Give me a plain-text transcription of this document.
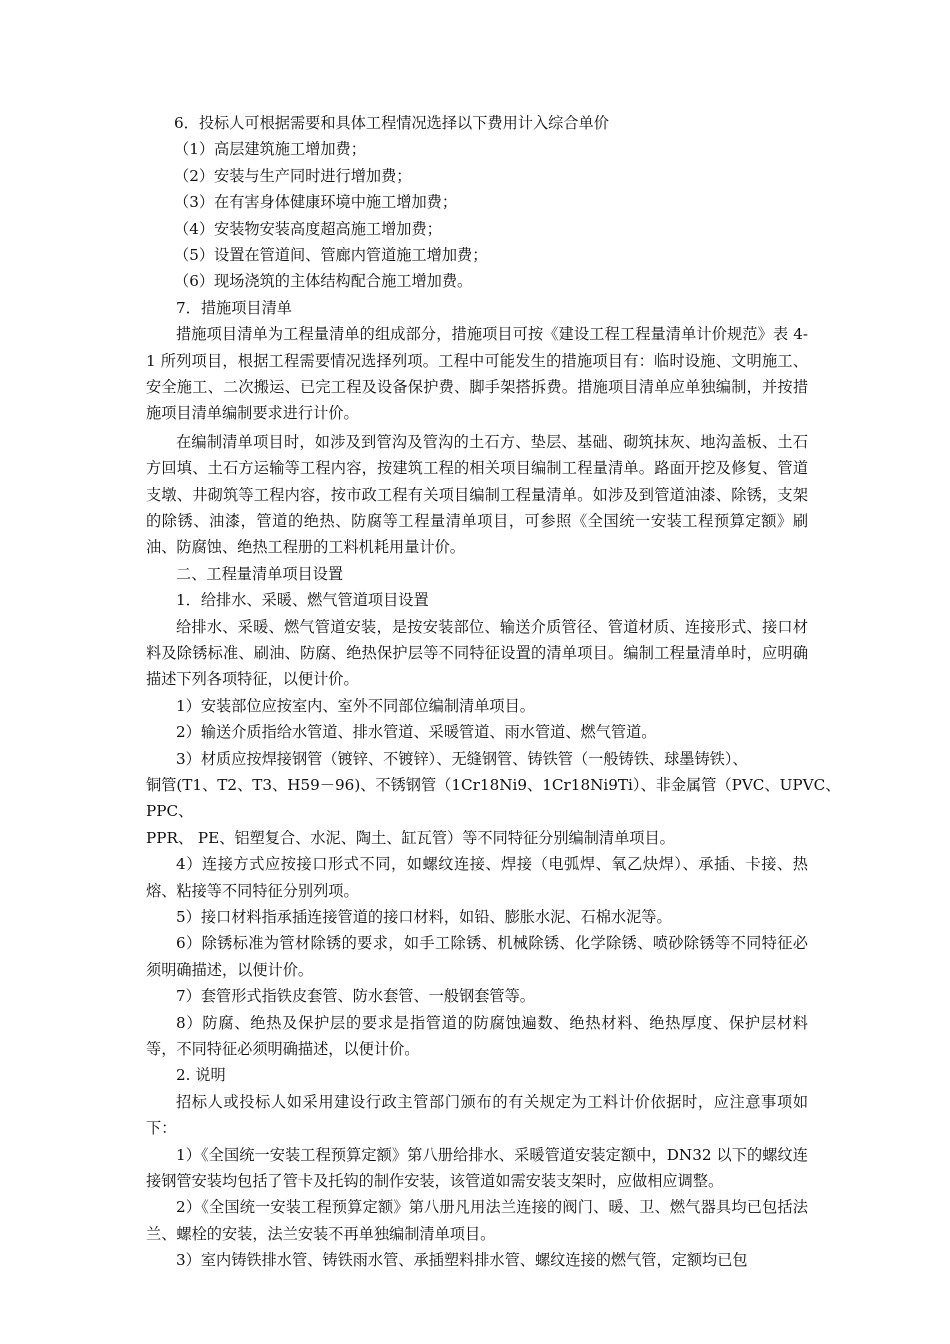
6．投标人可根据需要和具体工程情况选择以下费用计入综合单价
（1）高层建筑施工增加费；
（2）安装与生产同时进行增加费；
（3）在有害身体健康环境中施工增加费；
（4）安装物安装高度超高施工增加费；
（5）设置在管道间、管廊内管道施工增加费；
（6）现场浇筑的主体结构配合施工增加费。
7．措施项目清单
措施项目清单为工程量清单的组成部分，措施项目可按《建设工程工程量清单计价规范》表 4-1 所列项目，根据工程需要情况选择列项。工程中可能发生的措施项目有：临时设施、文明施工、安全施工、二次搬运、已完工程及设备保护费、脚手架搭拆费。措施项目清单应单独编制，并按措施项目清单编制要求进行计价。
在编制清单项目时，如涉及到管沟及管沟的土石方、垫层、基础、砌筑抹灰、地沟盖板、土石方回填、土石方运输等工程内容，按建筑工程的相关项目编制工程量清单。路面开挖及修复、管道支墩、井砌筑等工程内容，按市政工程有关项目编制工程量清单。如涉及到管道油漆、除锈，支架的除锈、油漆，管道的绝热、防腐等工程量清单项目，可参照《全国统一安装工程预算定额》刷油、防腐蚀、绝热工程册的工料机耗用量计价。
二、工程量清单项目设置
1．给排水、采暖、燃气管道项目设置
给排水、采暖、燃气管道安装，是按安装部位、输送介质管径、管道材质、连接形式、接口材料及除锈标准、刷油、防腐、绝热保护层等不同特征设置的清单项目。编制工程量清单时，应明确描述下列各项特征，以便计价。
1）安装部位应按室内、室外不同部位编制清单项目。
2）输送介质指给水管道、排水管道、采暖管道、雨水管道、燃气管道。
3）材质应按焊接钢管（镀锌、不镀锌）、无缝钢管、铸铁管（一般铸铁、球墨铸铁）、
铜管(T1、T2、T3、H59－96)、不锈钢管（1Cr18Ni9、1Cr18Ni9Ti）、非金属管（PVC、UPVC、
PPC、
PPR、 PE、铝塑复合、水泥、陶土、缸瓦管）等不同特征分别编制清单项目。
4）连接方式应按接口形式不同，如螺纹连接、焊接（电弧焊、氧乙炔焊）、承插、卡接、热熔、粘接等不同特征分别列项。
5）接口材料指承插连接管道的接口材料，如铅、膨胀水泥、石棉水泥等。
6）除锈标准为管材除锈的要求，如手工除锈、机械除锈、化学除锈、喷砂除锈等不同特征必须明确描述，以便计价。
7）套管形式指铁皮套管、防水套管、一般钢套管等。
8）防腐、绝热及保护层的要求是指管道的防腐蚀遍数、绝热材料、绝热厚度、保护层材料等，不同特征必须明确描述，以便计价。
2. 说明
招标人或投标人如采用建设行政主管部门颁布的有关规定为工料计价依据时，应注意事项如下：
1）《全国统一安装工程预算定额》第八册给排水、采暖管道安装定额中，DN32 以下的螺纹连接钢管安装均包括了管卡及托钩的制作安装，该管道如需安装支架时，应做相应调整。
2）《全国统一安装工程预算定额》第八册凡用法兰连接的阀门、暖、卫、燃气器具均已包括法兰、螺栓的安装，法兰安装不再单独编制清单项目。
3）室内铸铁排水管、铸铁雨水管、承插塑料排水管、螺纹连接的燃气管，定额均已包
